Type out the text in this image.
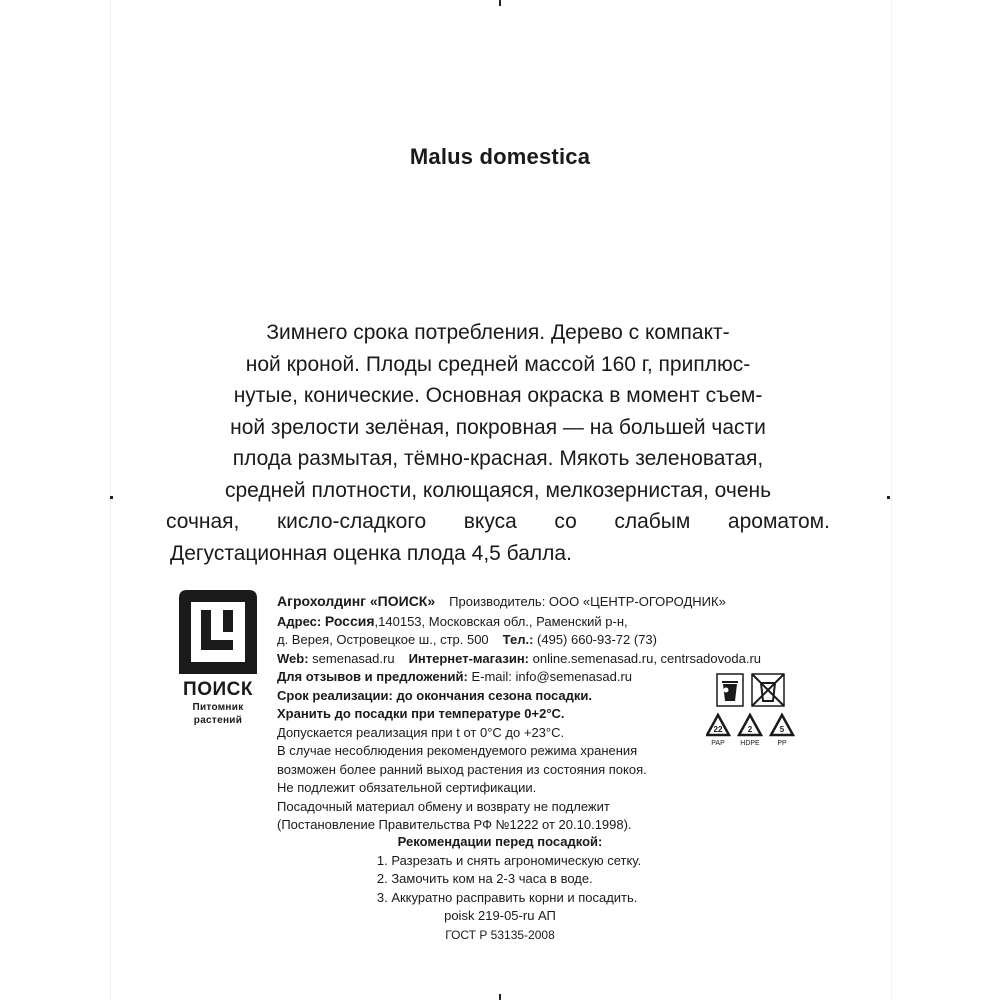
Malus domestica
Зимнего срока потребления. Дерево с компакт-
ной кроной. Плоды средней массой 160 г, приплюс-
нутые, конические. Основная окраска в момент съем-
ной зрелости зелёная, покровная — на большей части
плода размытая, тёмно-красная. Мякоть зеленоватая,
средней плотности, колющаяся, мелкозернистая, очень
сочная, кисло-сладкого вкуса со слабым ароматом.
Дегустационная оценка плода 4,5 балла.
ПОИСК
Питомник
растений
Агрохолдинг «ПОИСК» Производитель: ООО «ЦЕНТР-ОГОРОДНИК»
Адрес: Россия,140153, Московская обл., Раменский р-н,
д. Верея, Островецкое ш., стр. 500 Тел.: (495) 660-93-72 (73)
Web: semenasad.ru Интернет-магазин: online.semenasad.ru, centrsadovoda.ru
Для отзывов и предложений: E-mail: info@semenasad.ru
Срок реализации: до окончания сезона посадки.
Хранить до посадки при температуре 0+2°С.
Допускается реализация при t от 0°С до +23°С.
В случае несоблюдения рекомендуемого режима хранения
возможен более ранний выход растения из состояния покоя.
Не подлежит обязательной сертификации.
Посадочный материал обмену и возврату не подлежит
(Постановление Правительства РФ №1222 от 20.10.1998).
22
PAP
2
HDPE
5
PP
Рекомендации перед посадкой:
1. Разрезать и снять агрономическую сетку.
2. Замочить ком на 2-3 часа в воде.
3. Аккуратно расправить корни и посадить.
poisk 219-05-ru АП
ГОСТ Р 53135-2008
